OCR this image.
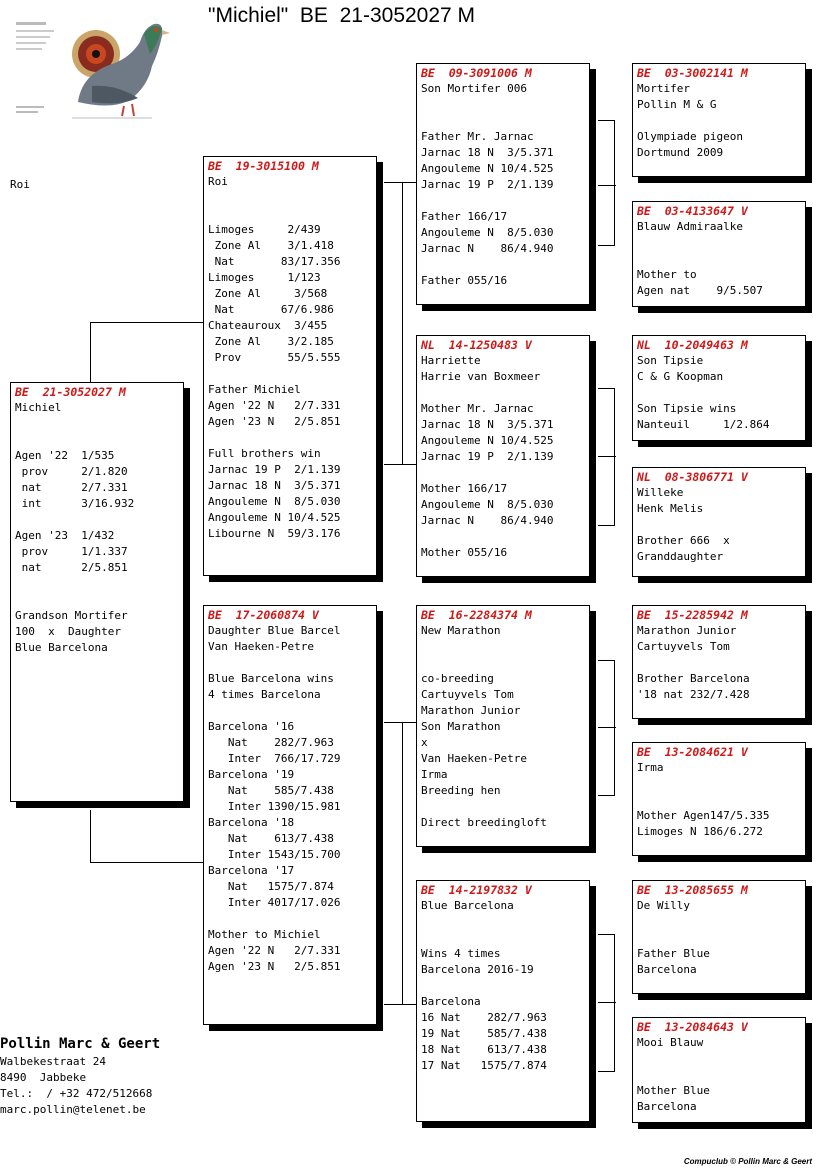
"Michiel"  BE  21-3052027 M
Roi
BE  21-3052027 M
Michiel
Agen '22  1/535
prov     2/1.820
nat      2/7.331
int      3/16.932
Agen '23  1/432
prov     1/1.337
nat      2/5.851
Grandson Mortifer
100  x  Daughter
Blue Barcelona
BE  19-3015100 M
Roi
Limoges     2/439
Zone Al    3/1.418
Nat       83/17.356
Limoges     1/123
Zone Al     3/568
Nat       67/6.986
Chateauroux  3/455
Zone Al    3/2.185
Prov       55/5.555
Father Michiel
Agen '22 N   2/7.331
Agen '23 N   2/5.851
Full brothers win
Jarnac 19 P  2/1.139
Jarnac 18 N  3/5.371
Angouleme N  8/5.030
Angouleme N 10/4.525
Libourne N  59/3.176
BE  17-2060874 V
Daughter Blue Barcel
Van Haeken-Petre
Blue Barcelona wins
4 times Barcelona
Barcelona '16
Nat    282/7.963
Inter  766/17.729
Barcelona '19
Nat    585/7.438
Inter 1390/15.981
Barcelona '18
Nat    613/7.438
Inter 1543/15.700
Barcelona '17
Nat   1575/7.874
Inter 4017/17.026
Mother to Michiel
Agen '22 N   2/7.331
Agen '23 N   2/5.851
BE  09-3091006 M
Son Mortifer 006
Father Mr. Jarnac
Jarnac 18 N  3/5.371
Angouleme N 10/4.525
Jarnac 19 P  2/1.139
Father 166/17
Angouleme N  8/5.030
Jarnac N    86/4.940
Father 055/16
NL  14-1250483 V
Harriette
Harrie van Boxmeer
Mother Mr. Jarnac
Jarnac 18 N  3/5.371
Angouleme N 10/4.525
Jarnac 19 P  2/1.139
Mother 166/17
Angouleme N  8/5.030
Jarnac N    86/4.940
Mother 055/16
BE  16-2284374 M
New Marathon
co-breeding
Cartuyvels Tom
Marathon Junior
Son Marathon
x
Van Haeken-Petre
Irma
Breeding hen
Direct breedingloft
BE  14-2197832 V
Blue Barcelona
Wins 4 times
Barcelona 2016-19
Barcelona
16 Nat    282/7.963
19 Nat    585/7.438
18 Nat    613/7.438
17 Nat   1575/7.874
BE  03-3002141 M
Mortifer
Pollin M & G
Olympiade pigeon
Dortmund 2009
BE  03-4133647 V
Blauw Admiraalke
Mother to
Agen nat    9/5.507
NL  10-2049463 M
Son Tipsie
C & G Koopman
Son Tipsie wins
Nanteuil     1/2.864
NL  08-3806771 V
Willeke
Henk Melis
Brother 666  x
Granddaughter
BE  15-2285942 M
Marathon Junior
Cartuyvels Tom
Brother Barcelona
'18 nat 232/7.428
BE  13-2084621 V
Irma
Mother Agen147/5.335
Limoges N 186/6.272
BE  13-2085655 M
De Willy
Father Blue
Barcelona
BE  13-2084643 V
Mooi Blauw
Mother Blue
Barcelona
Pollin Marc & Geert
Walbekestraat 24
8490  Jabbeke
Tel.:  / +32 472/512668
marc.pollin@telenet.be
Compuclub © Pollin Marc & Geert
